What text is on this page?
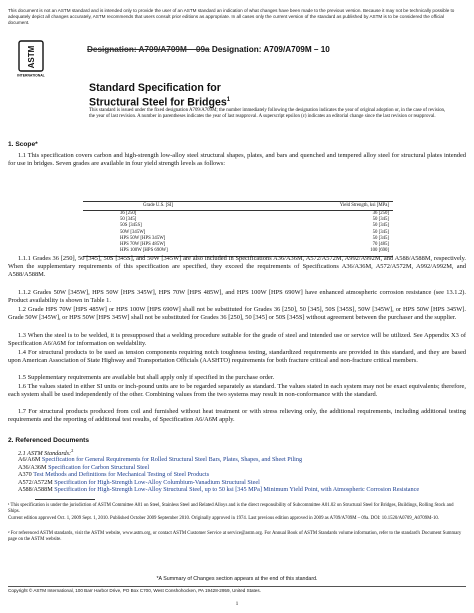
This document is not an ASTM standard and is intended only to provide the user of an ASTM standard an indication of what changes have been made to the previous version. Because it may not be technically possible to adequately depict all changes accurately, ASTM recommends that users consult prior editions as appropriate. In all cases only the current version of the standard as published by ASTM is to be considered the official document.
ASTM
INTERNATIONAL
Designation: A709/A709M – 09a Designation: A709/A709M – 10
Standard Specification for
Structural Steel for Bridges$^1$
This standard is issued under the fixed designation A709/A709M; the number immediately following the designation indicates the year of original adoption or, in the case of revision, the year of last revision. A number in parentheses indicates the year of last reapproval. A superscript epsilon (ε) indicates an editorial change since the last revision or reapproval.
1. Scope*
1.1 This specification covers carbon and high-strength low-alloy steel structural shapes, plates, and bars and quenched and tempered alloy steel for structural plates intended for use in bridges. Seven grades are available in four yield strength levels as follows:
Grade U.S. [SI]	Yield Strength, ksi [MPa]
36 [250]	36 [250]
50 [345]	50 [345]
50S [345S]	50 [345]
50W [345W]	50 [345]
HPS 50W [HPS 345W]	50 [345]
HPS 70W [HPS 485W]	70 [485]
HPS 100W [HPS 690W]	100 [690]
1.1.1 Grades 36 [250], 50 [345], 50S [345S], and 50W [345W] are also included in Specifications A36/A36M, A572/A572M, A992/A992M, and A588/A588M, respectively. When the supplementary requirements of this specification are specified, they exceed the requirements of Specifications A36/A36M, A572/A572M, A992/A992M, and A588/A588M.
1.1.2 Grades 50W [345W], HPS 50W [HPS 345W], HPS 70W [HPS 485W], and HPS 100W [HPS 690W] have enhanced atmospheric corrosion resistance (see 13.1.2). Product availability is shown in Table 1.
1.2 Grade HPS 70W [HPS 485W] or HPS 100W [HPS 690W] shall not be substituted for Grades 36 [250], 50 [345], 50S [345S], 50W [345W], or HPS 50W [HPS 345W]. Grade 50W [345W], or HPS 50W [HPS 345W] shall not be substituted for Grades 36 [250], 50 [345] or 50S [345S] without agreement between the purchaser and the supplier.
1.3 When the steel is to be welded, it is presupposed that a welding procedure suitable for the grade of steel and intended use or service will be utilized. See Appendix X3 of Specification A6/A6M for information on weldability.
1.4 For structural products to be used as tension components requiring notch toughness testing, standardized requirements are provided in this standard, and they are based upon American Association of State Highway and Transportation Officials (AASHTO) requirements for both fracture critical and non-fracture critical members.
1.5 Supplementary requirements are available but shall apply only if specified in the purchase order.
1.6 The values stated in either SI units or inch-pound units are to be regarded separately as standard. The values stated in each system may not be exact equivalents; therefore, each system shall be used independently of the other. Combining values from the two systems may result in non-conformance with the standard.
1.7 For structural products produced from coil and furnished without heat treatment or with stress relieving only, the additional requirements, including additional testing requirements and the reporting of additional test results, of Specification A6/A6M apply.
2. Referenced Documents
2.1 ASTM Standards:$^2$
A6/A6M Specification for General Requirements for Rolled Structural Steel Bars, Plates, Shapes, and Sheet Piling
A36/A36M Specification for Carbon Structural Steel
A370 Test Methods and Definitions for Mechanical Testing of Steel Products
A572/A572M Specification for High-Strength Low-Alloy Columbium-Vanadium Structural Steel
A588/A588M Specification for High-Strength Low-Alloy Structural Steel, up to 50 ksi [345 MPa] Minimum Yield Point, with Atmospheric Corrosion Resistance
¹ This specification is under the jurisdiction of ASTM Committee A01 on Steel, Stainless Steel and Related Alloys and is the direct responsibility of Subcommittee A01.02 on Structural Steel for Bridges, Buildings, Rolling Stock and Ships.
Current edition approved Oct. 1, 2009 Sept. 1, 2010. Published October 2009 September 2010. Originally approved in 1974. Last previous edition approved in 2009 as A709/A709M – 09a. DOI: 10.1520/A0709_A0709M-10.
² For referenced ASTM standards, visit the ASTM website, www.astm.org, or contact ASTM Customer Service at service@astm.org. For Annual Book of ASTM Standards volume information, refer to the standard's Document Summary page on the ASTM website.
*A Summary of Changes section appears at the end of this standard.
Copyright © ASTM International, 100 Barr Harbor Drive, PO Box C700, West Conshohocken, PA 19428-2959, United States.
1
